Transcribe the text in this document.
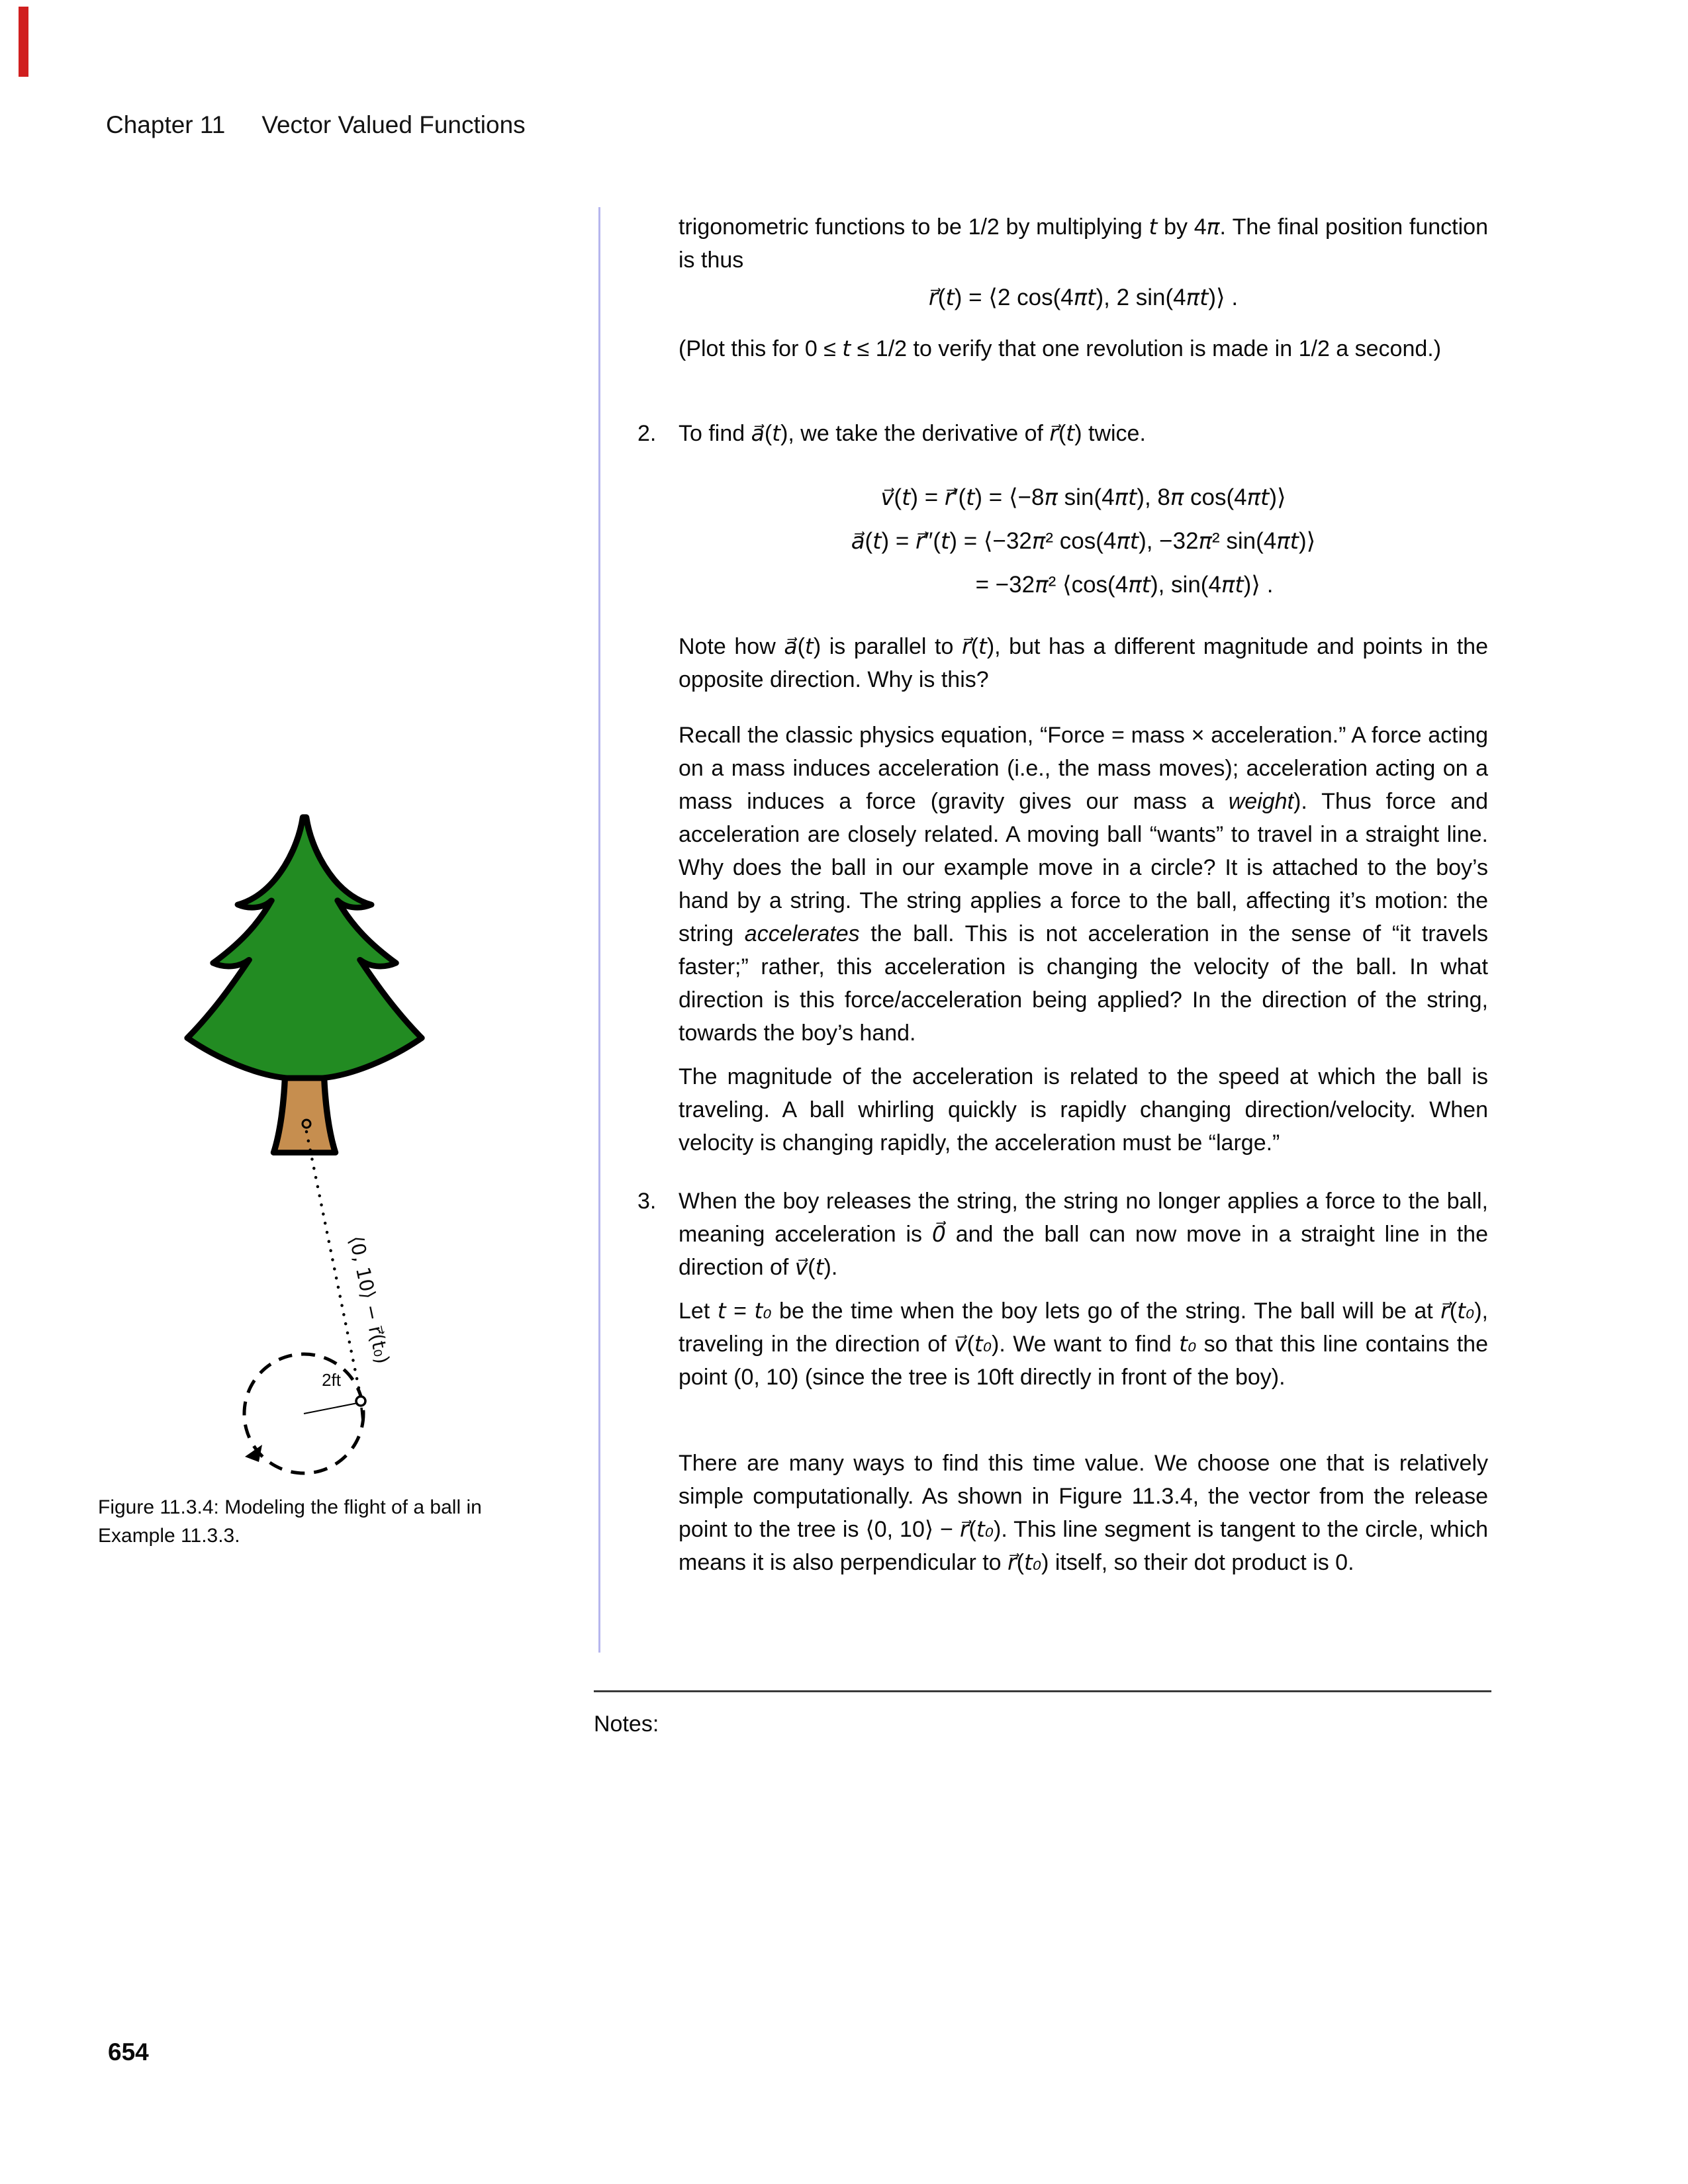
Chapter 11 Vector Valued Functions
trigonometric functions to be 1/2 by multiplying t by 4π. The final position function is thus
r⃗(t) = ⟨2 cos(4πt), 2 sin(4πt)⟩ .
(Plot this for 0 ≤ t ≤ 1/2 to verify that one revolution is made in 1/2 a second.)
2. To find a⃗(t), we take the derivative of r⃗(t) twice.
v⃗(t) = r⃗′(t) = ⟨−8π sin(4πt), 8π cos(4πt)⟩
a⃗(t) = r⃗″(t) = ⟨−32π² cos(4πt), −32π² sin(4πt)⟩
= −32π² ⟨cos(4πt), sin(4πt)⟩ .
Note how a⃗(t) is parallel to r⃗(t), but has a different magnitude and points in the opposite direction. Why is this?
Recall the classic physics equation, “Force = mass × acceleration.” A force acting on a mass induces acceleration (i.e., the mass moves); acceleration acting on a mass induces a force (gravity gives our mass a weight). Thus force and acceleration are closely related. A moving ball “wants” to travel in a straight line. Why does the ball in our example move in a circle? It is attached to the boy’s hand by a string. The string applies a force to the ball, affecting it’s motion: the string accelerates the ball. This is not acceleration in the sense of “it travels faster;” rather, this acceleration is changing the velocity of the ball. In what direction is this force/acceleration being applied? In the direction of the string, towards the boy’s hand.
The magnitude of the acceleration is related to the speed at which the ball is traveling. A ball whirling quickly is rapidly changing direction/velocity. When velocity is changing rapidly, the acceleration must be “large.”
3. When the boy releases the string, the string no longer applies a force to the ball, meaning acceleration is 0⃗ and the ball can now move in a straight line in the direction of v⃗(t).
Let t = t₀ be the time when the boy lets go of the string. The ball will be at r⃗(t₀), traveling in the direction of v⃗(t₀). We want to find t₀ so that this line contains the point (0, 10) (since the tree is 10ft directly in front of the boy).
There are many ways to find this time value. We choose one that is relatively simple computationally. As shown in Figure 11.3.4, the vector from the release point to the tree is ⟨0, 10⟩ − r⃗(t₀). This line segment is tangent to the circle, which means it is also perpendicular to r⃗(t₀) itself, so their dot product is 0.
2ft
⟨0, 10⟩ − r⃗(t₀)
Figure 11.3.4: Modeling the flight of a ball in Example 11.3.3.
Notes:
654
